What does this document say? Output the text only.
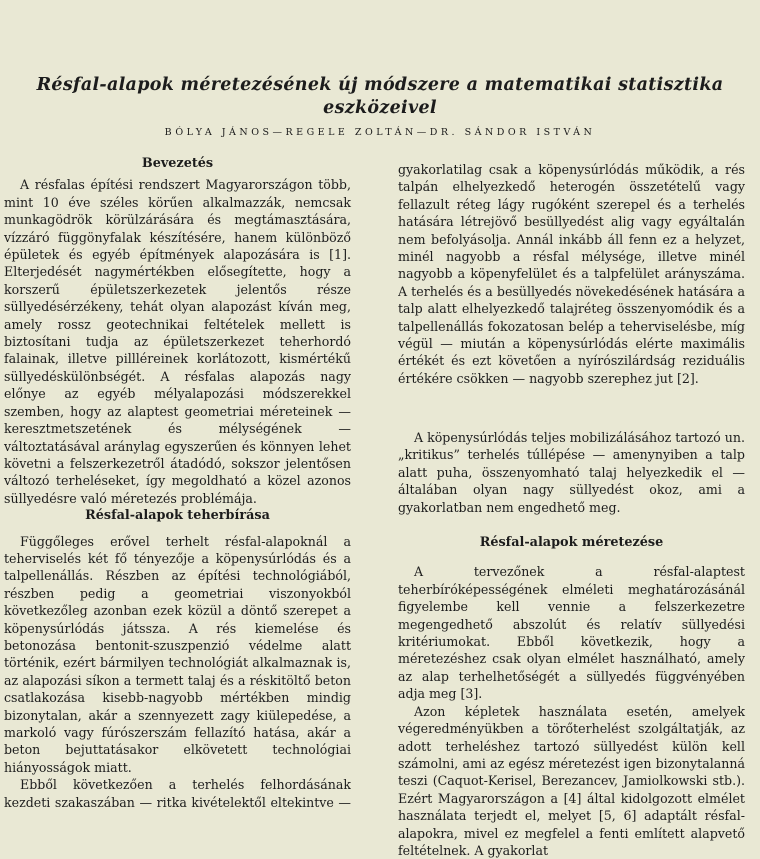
Résfal-alapok méretezésének új módszere a matematikai statisztika eszközeivel

BÓLYA JÁNOS—REGELE ZOLTÁN—DR. SÁNDOR ISTVÁN

Bevezetés

A résfalas építési rendszert Magyarországon több, mint 10 éve széles körűen alkalmazzák, nemcsak munkagödrök körülzárására és megtámasztására, vízzáró függönyfalak készítésére, hanem különböző épületek és egyéb építmények alapozására is [1]. Elterjedését nagymértékben elősegítette, hogy a korszerű épületszerkezetek jelentős része süllyedésérzékeny, tehát olyan alapozást kíván meg, amely rossz geotechnikai feltételek mellett is biztosítani tudja az épületszerkezet teherhordó falainak, illetve pillléreinek korlátozott, kismértékű süllyedéskülönbségét. A résfalas alapozás nagy előnye az egyéb mélyalapozási módszerekkel szemben, hogy az alaptest geometriai méreteinek — keresztmetszetének és mélységének — változtatásával aránylag egyszerűen és könnyen lehet követni a felszerkezetről átadódó, sokszor jelentősen változó terheléseket, így megoldható a közel azonos süllyedésre való méretezés problémája.

Résfal-alapok teherbírása

Függőleges erővel terhelt résfal-alapoknál a teherviselés két fő tényezője a köpenysúrlódás és a talpellenállás. Részben az építési technológiából, részben pedig a geometriai viszonyokból következőleg azonban ezek közül a döntő szerepet a köpenysúrlódás játssza. A rés kiemelése és betonozása bentonit-szuszpenzió védelme alatt történik, ezért bármilyen technológiát alkalmaznak is, az alapozási síkon a termett talaj és a réskitöltő beton csatlakozása kisebb-nagyobb mértékben mindig bizonytalan, akár a szennyezett zagy kiülepedése, a markoló vagy fúrószerszám fellazító hatása, akár a beton bejuttatásakor elkövetett technológiai hiányosságok miatt.

Ebből következően a terhelés felhordásának kezdeti szakaszában — ritka kivételektől eltekintve —

gyakorlatilag csak a köpenysúrlódás működik, a rés talpán elhelyezkedő heterogén összetételű vagy fellazult réteg lágy rugóként szerepel és a terhelés hatására létrejövő besüllyedést alig vagy egyáltalán nem befolyásolja. Annál inkább áll fenn ez a helyzet, minél nagyobb a résfal mélysége, illetve minél nagyobb a köpenyfelület és a talpfelület arányszáma. A terhelés és a besüllyedés növekedésének hatására a talp alatt elhelyezkedő talajréteg összenyomódik és a talpellenállás fokozatosan belép a teherviselésbe, míg végül — miután a köpenysúrlódás elérte maximális értékét és ezt követően a nyírószilárdság reziduális értékére csökken — nagyobb szerephez jut [2].

A köpenysúrlódás teljes mobilizálásához tartozó un. „kritikus” terhelés túllépése — amenynyiben a talp alatt puha, összenyomható talaj helyezkedik el — általában olyan nagy süllyedést okoz, ami a gyakorlatban nem engedhető meg.

Résfal-alapok méretezése

A tervezőnek a résfal-alaptest teherbíróképességének elméleti meghatározásánál figyelembe kell vennie a felszerkezetre megengedhető abszolút és relatív süllyedési kritériumokat. Ebből következik, hogy a méretezéshez csak olyan elmélet használható, amely az alap terhelhetőségét a süllyedés függvényében adja meg [3].

Azon képletek használata esetén, amelyek végeredményükben a törőterhelést szolgáltatják, az adott terheléshez tartozó süllyedést külön kell számolni, ami az egész méretezést igen bizonytalanná teszi (Caquot-Kerisel, Berezancev, Jamiolkowski stb.). Ezért Magyarországon a [4] által kidolgozott elmélet használata terjedt el, melyet [5, 6] adaptált résfal-alapokra, mivel ez megfelel a fenti említett alapvető feltételnek. A gyakorlat
